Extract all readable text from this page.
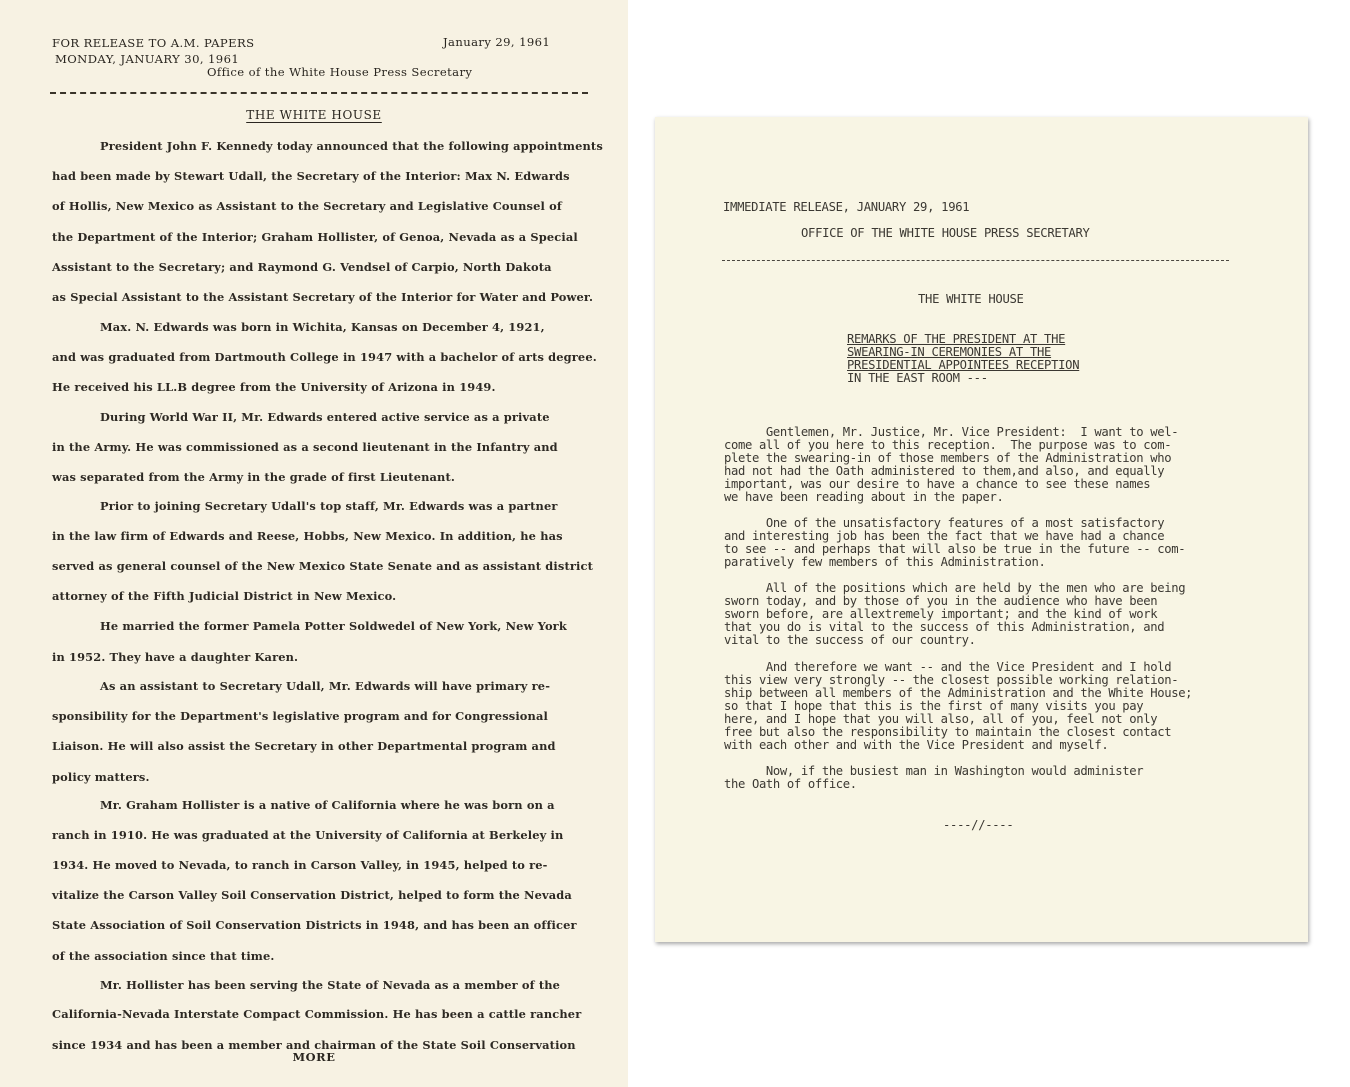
FOR RELEASE TO A.M. PAPERS	January 29, 1961
MONDAY, JANUARY 30, 1961
Office of the White House Press Secretary
THE WHITE HOUSE
President John F. Kennedy today announced that the following appointments
had been made by Stewart Udall, the Secretary of the Interior: Max N. Edwards
of Hollis, New Mexico as Assistant to the Secretary and Legislative Counsel of
the Department of the Interior; Graham Hollister, of Genoa, Nevada as a Special
Assistant to the Secretary; and Raymond G. Vendsel of Carpio, North Dakota
as Special Assistant to the Assistant Secretary of the Interior for Water and Power.
Max. N. Edwards was born in Wichita, Kansas on December 4, 1921,
and was graduated from Dartmouth College in 1947 with a bachelor of arts degree.
He received his LL.B degree from the University of Arizona in 1949.
During World War II, Mr. Edwards entered active service as a private
in the Army. He was commissioned as a second lieutenant in the Infantry and
was separated from the Army in the grade of first Lieutenant.
Prior to joining Secretary Udall's top staff, Mr. Edwards was a partner
in the law firm of Edwards and Reese, Hobbs, New Mexico. In addition, he has
served as general counsel of the New Mexico State Senate and as assistant district
attorney of the Fifth Judicial District in New Mexico.
He married the former Pamela Potter Soldwedel of New York, New York
in 1952. They have a daughter Karen.
As an assistant to Secretary Udall, Mr. Edwards will have primary re-
sponsibility for the Department's legislative program and for Congressional
Liaison. He will also assist the Secretary in other Departmental program and
policy matters.
Mr. Graham Hollister is a native of California where he was born on a
ranch in 1910. He was graduated at the University of California at Berkeley in
1934. He moved to Nevada, to ranch in Carson Valley, in 1945, helped to re-
vitalize the Carson Valley Soil Conservation District, helped to form the Nevada
State Association of Soil Conservation Districts in 1948, and has been an officer
of the association since that time.
Mr. Hollister has been serving the State of Nevada as a member of the
California-Nevada Interstate Compact Commission. He has been a cattle rancher
since 1934 and has been a member and chairman of the State Soil Conservation
MORE
IMMEDIATE RELEASE, JANUARY 29, 1961
OFFICE OF THE WHITE HOUSE PRESS SECRETARY
THE WHITE HOUSE
REMARKS OF THE PRESIDENT AT THE
SWEARING-IN CEREMONIES AT THE
PRESIDENTIAL APPOINTEES RECEPTION
IN THE EAST ROOM ---
Gentlemen, Mr. Justice, Mr. Vice President:  I want to wel-
come all of you here to this reception.  The purpose was to com-
plete the swearing-in of those members of the Administration who
had not had the Oath administered to them,and also, and equally
important, was our desire to have a chance to see these names
we have been reading about in the paper.
One of the unsatisfactory features of a most satisfactory
and interesting job has been the fact that we have had a chance
to see -- and perhaps that will also be true in the future -- com-
paratively few members of this Administration.
All of the positions which are held by the men who are being
sworn today, and by those of you in the audience who have been
sworn before, are allextremely important; and the kind of work
that you do is vital to the success of this Administration, and
vital to the success of our country.
And therefore we want -- and the Vice President and I hold
this view very strongly -- the closest possible working relation-
ship between all members of the Administration and the White House;
so that I hope that this is the first of many visits you pay
here, and I hope that you will also, all of you, feel not only
free but also the responsibility to maintain the closest contact
with each other and with the Vice President and myself.
Now, if the busiest man in Washington would administer
the Oath of office.
----//----
